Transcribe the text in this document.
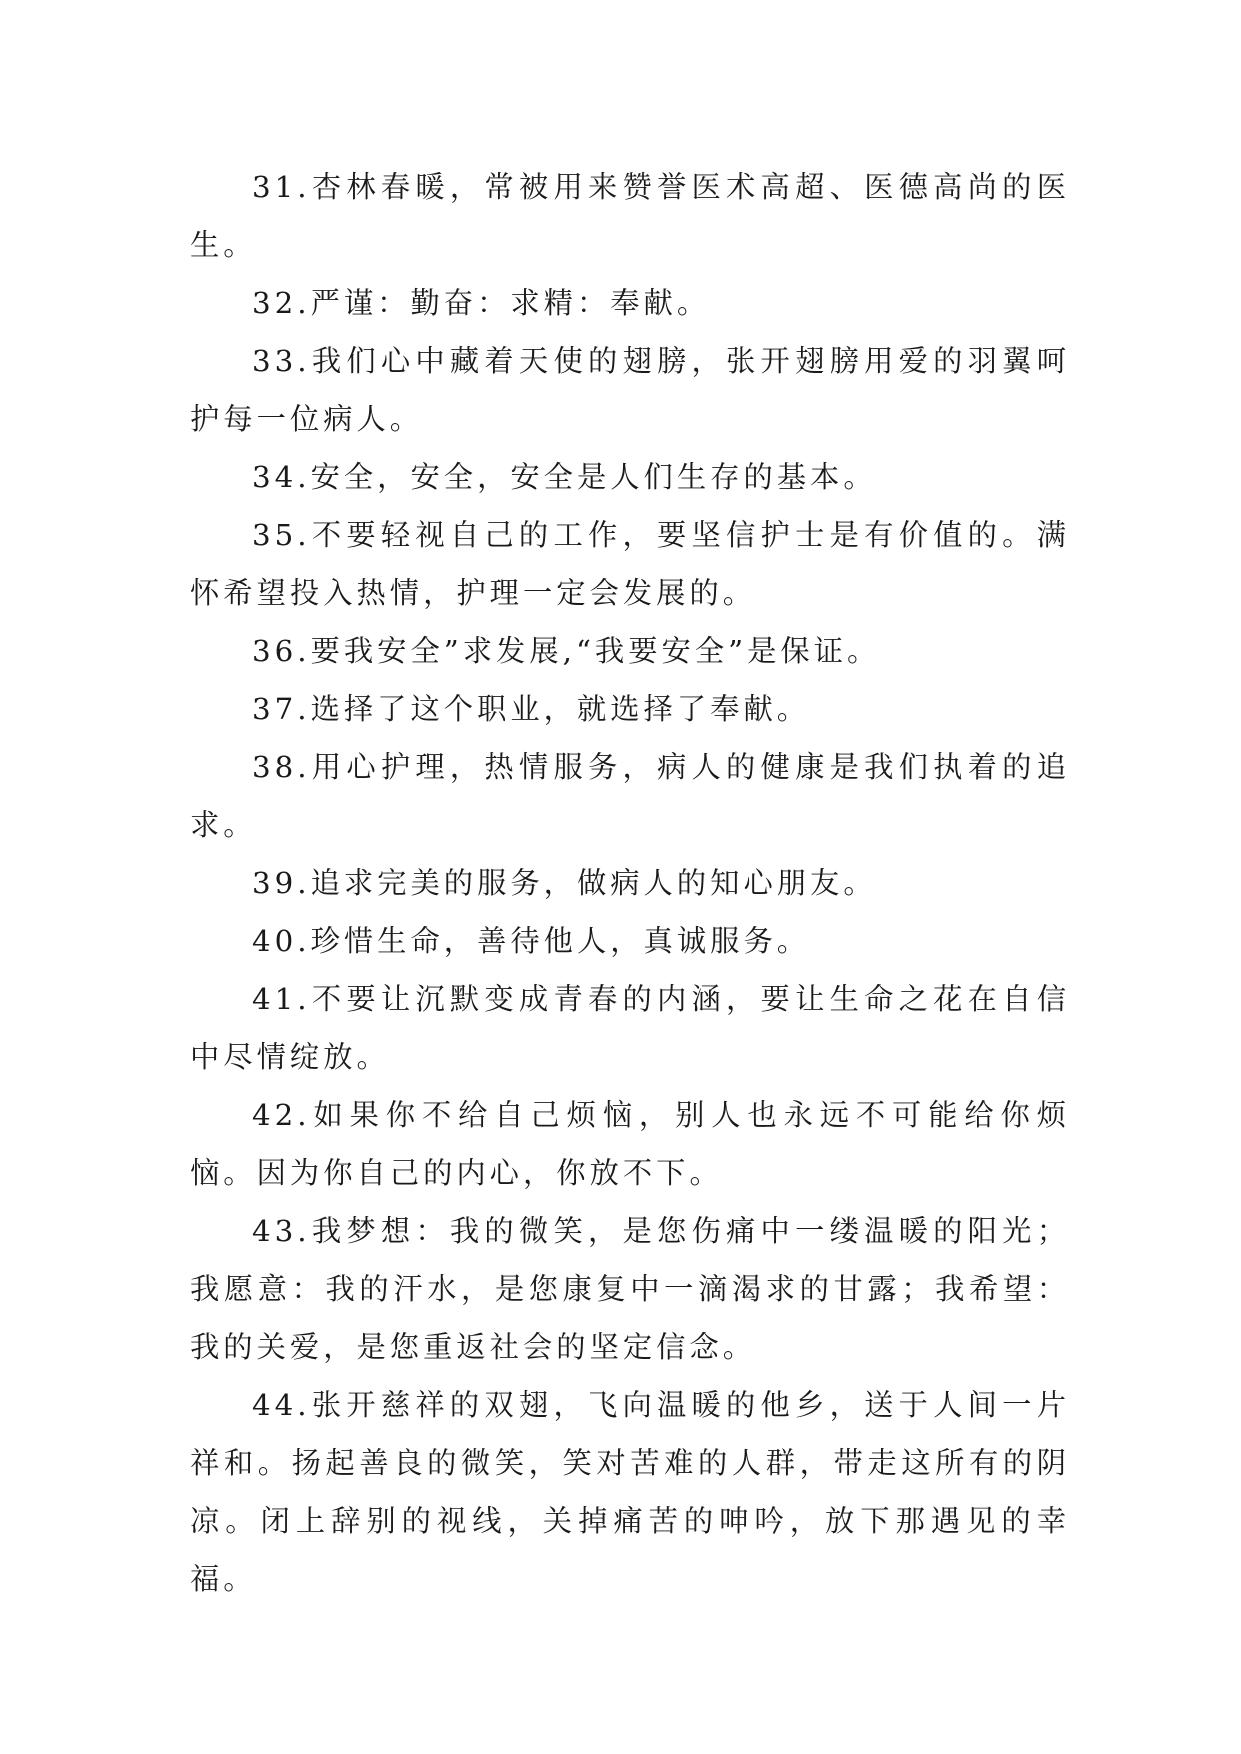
31.杏林春暖，常被用来赞誉医术高超、医德高尚的医生。

32.严谨：勤奋：求精：奉献。

33.我们心中藏着天使的翅膀，张开翅膀用爱的羽翼呵护每一位病人。

34.安全，安全，安全是人们生存的基本。

35.不要轻视自己的工作，要坚信护士是有价值的。满怀希望投入热情，护理一定会发展的。

36.要我安全”求发展,“我要安全”是保证。

37.选择了这个职业，就选择了奉献。

38.用心护理，热情服务，病人的健康是我们执着的追求。

39.追求完美的服务，做病人的知心朋友。

40.珍惜生命，善待他人，真诚服务。

41.不要让沉默变成青春的内涵，要让生命之花在自信中尽情绽放。

42.如果你不给自己烦恼，别人也永远不可能给你烦恼。因为你自己的内心，你放不下。

43.我梦想：我的微笑，是您伤痛中一缕温暖的阳光；我愿意：我的汗水，是您康复中一滴渴求的甘露；我希望：我的关爱，是您重返社会的坚定信念。

44.张开慈祥的双翅，飞向温暖的他乡，送于人间一片祥和。扬起善良的微笑，笑对苦难的人群，带走这所有的阴凉。闭上辞别的视线，关掉痛苦的呻吟，放下那遇见的幸福。
